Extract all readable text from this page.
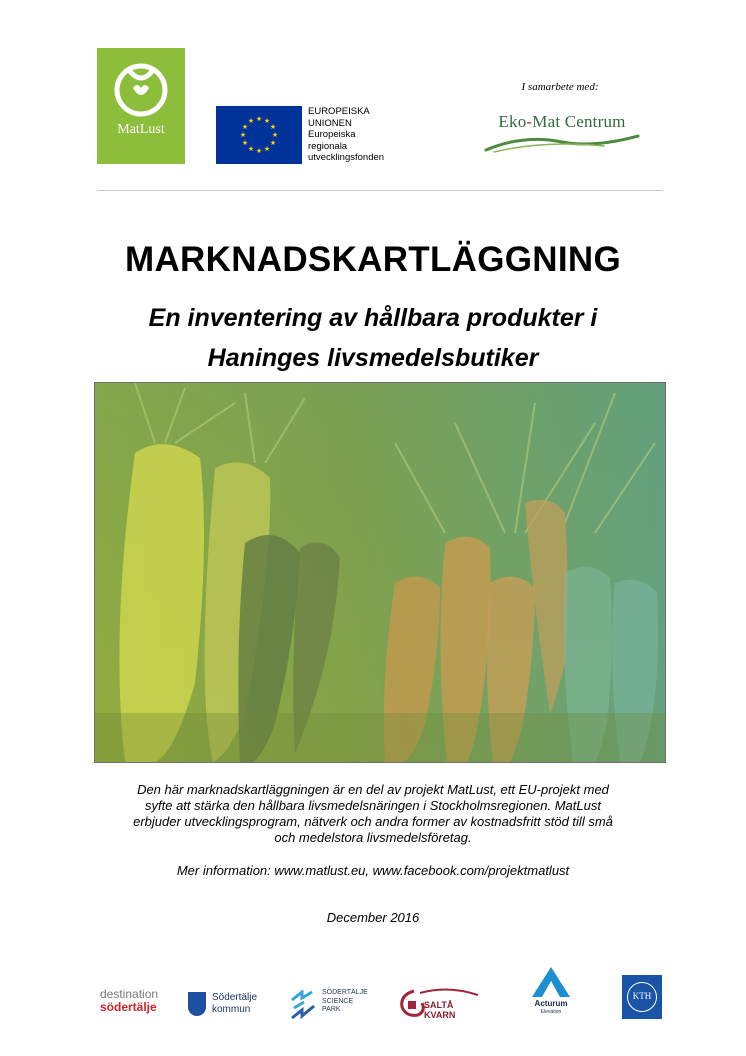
MatLust
★ ★
★
★
★
★
★
★
★
★
★
★
EUROPEISKA
UNIONEN
Europeiska
regionala
utvecklingsfonden
I samarbete med:
Eko-Mat Centrum
MARKNADSKARTLÄGGNING
En inventering av hållbara produkter i
Haninges livsmedelsbutiker
Den här marknadskartläggningen är en del av projekt MatLust, ett EU-projekt med
syfte att stärka den hållbara livsmedelsnäringen i Stockholmsregionen. MatLust
erbjuder utvecklingsprogram, nätverk och andra former av kostnadsfritt stöd till små
och medelstora livsmedelsföretag.
Mer information: www.matlust.eu, www.facebook.com/projektmatlust
December 2016
destination
södertälje
Södertälje
kommun
SÖDERTÄLJE
SCIENCE
PARK	SALTÅ KVARN
Acturum
Elevation
KTH
